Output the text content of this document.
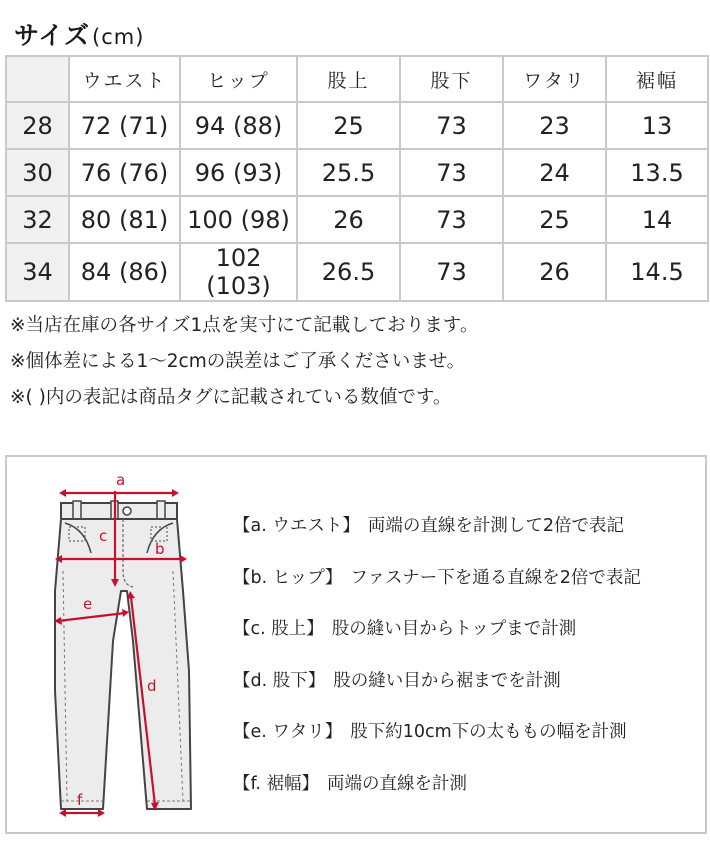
サイズ(cm)
	ウエスト	ヒップ	股上	股下	ワタリ	裾幅
28	72 (71)	94 (88)	25	73	23	13
30	76 (76)	96 (93)	25.5	73	24	13.5
32	80 (81)	100 (98)	26	73	25	14
34	84 (86)	102 (103)	26.5	73	26	14.5
※当店在庫の各サイズ1点を実寸にて記載しております。
※個体差による1〜2cmの誤差はご了承くださいませ。
※( )内の表記は商品タグに記載されている数値です。
a
b
c
d
e
f
【a. ウエスト】 両端の直線を計測して2倍で表記
【b. ヒップ】 ファスナー下を通る直線を2倍で表記
【c. 股上】 股の縫い目からトップまで計測
【d. 股下】 股の縫い目から裾までを計測
【e. ワタリ】 股下約10cm下の太ももの幅を計測
【f. 裾幅】 両端の直線を計測
